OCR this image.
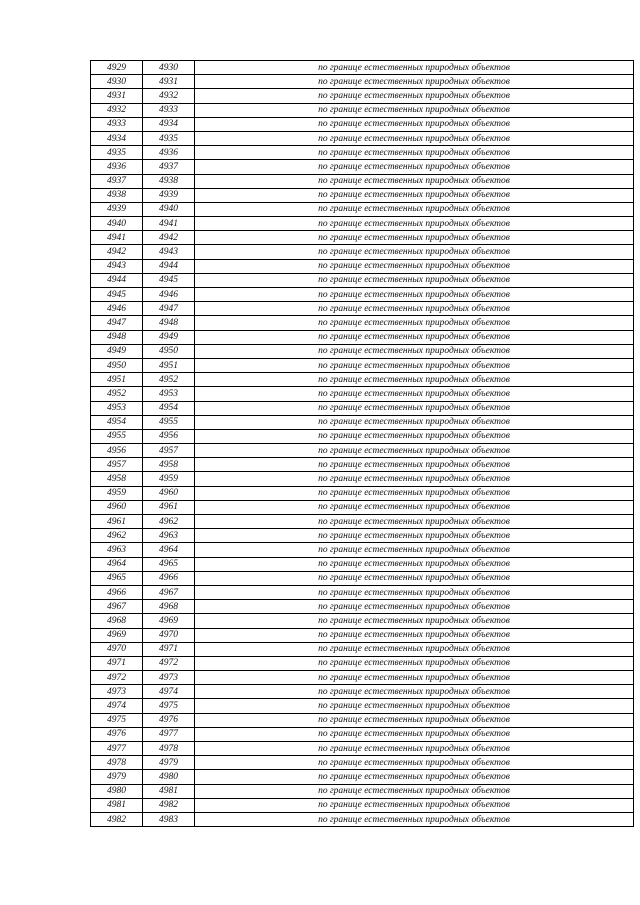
4929	4930	по границе естественных природных объектов
4930	4931	по границе естественных природных объектов
4931	4932	по границе естественных природных объектов
4932	4933	по границе естественных природных объектов
4933	4934	по границе естественных природных объектов
4934	4935	по границе естественных природных объектов
4935	4936	по границе естественных природных объектов
4936	4937	по границе естественных природных объектов
4937	4938	по границе естественных природных объектов
4938	4939	по границе естественных природных объектов
4939	4940	по границе естественных природных объектов
4940	4941	по границе естественных природных объектов
4941	4942	по границе естественных природных объектов
4942	4943	по границе естественных природных объектов
4943	4944	по границе естественных природных объектов
4944	4945	по границе естественных природных объектов
4945	4946	по границе естественных природных объектов
4946	4947	по границе естественных природных объектов
4947	4948	по границе естественных природных объектов
4948	4949	по границе естественных природных объектов
4949	4950	по границе естественных природных объектов
4950	4951	по границе естественных природных объектов
4951	4952	по границе естественных природных объектов
4952	4953	по границе естественных природных объектов
4953	4954	по границе естественных природных объектов
4954	4955	по границе естественных природных объектов
4955	4956	по границе естественных природных объектов
4956	4957	по границе естественных природных объектов
4957	4958	по границе естественных природных объектов
4958	4959	по границе естественных природных объектов
4959	4960	по границе естественных природных объектов
4960	4961	по границе естественных природных объектов
4961	4962	по границе естественных природных объектов
4962	4963	по границе естественных природных объектов
4963	4964	по границе естественных природных объектов
4964	4965	по границе естественных природных объектов
4965	4966	по границе естественных природных объектов
4966	4967	по границе естественных природных объектов
4967	4968	по границе естественных природных объектов
4968	4969	по границе естественных природных объектов
4969	4970	по границе естественных природных объектов
4970	4971	по границе естественных природных объектов
4971	4972	по границе естественных природных объектов
4972	4973	по границе естественных природных объектов
4973	4974	по границе естественных природных объектов
4974	4975	по границе естественных природных объектов
4975	4976	по границе естественных природных объектов
4976	4977	по границе естественных природных объектов
4977	4978	по границе естественных природных объектов
4978	4979	по границе естественных природных объектов
4979	4980	по границе естественных природных объектов
4980	4981	по границе естественных природных объектов
4981	4982	по границе естественных природных объектов
4982	4983	по границе естественных природных объектов
